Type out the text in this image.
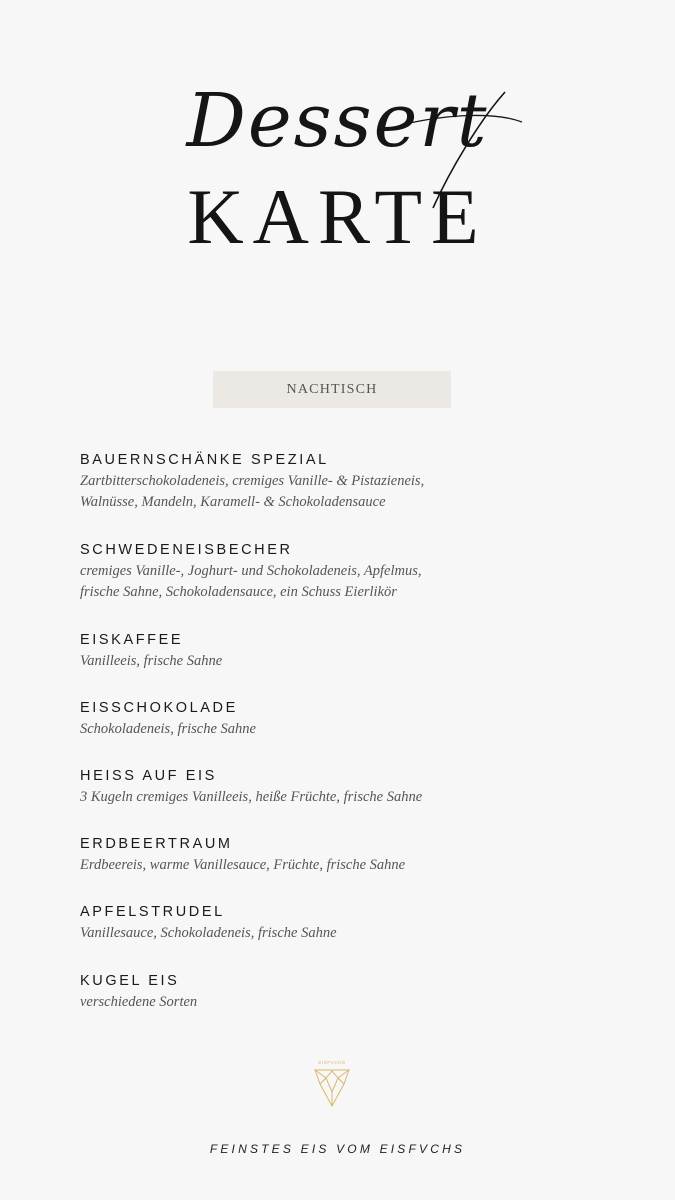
Dessert
KARTE
NACHTISCH
BAUERNSCHÄNKE SPEZIAL
Zartbitterschokoladeneis, cremiges Vanille- & Pistazieneis,
Walnüsse, Mandeln, Karamell- & Schokoladensauce
SCHWEDENEISBECHER
cremiges Vanille-, Joghurt- und Schokoladeneis, Apfelmus,
frische Sahne, Schokoladensauce, ein Schuss Eierlikör
EISKAFFEE
Vanilleeis, frische Sahne
EISSCHOKOLADE
Schokoladeneis, frische Sahne
HEISS AUF EIS
3 Kugeln cremiges Vanilleeis, heiße Früchte, frische Sahne
ERDBEERTRAUM
Erdbeereis, warme Vanillesauce, Früchte, frische Sahne
APFELSTRUDEL
Vanillesauce, Schokoladeneis, frische Sahne
KUGEL EIS
verschiedene Sorten
EISFVCHS
FEINSTES EIS VOM EISFVCHS
